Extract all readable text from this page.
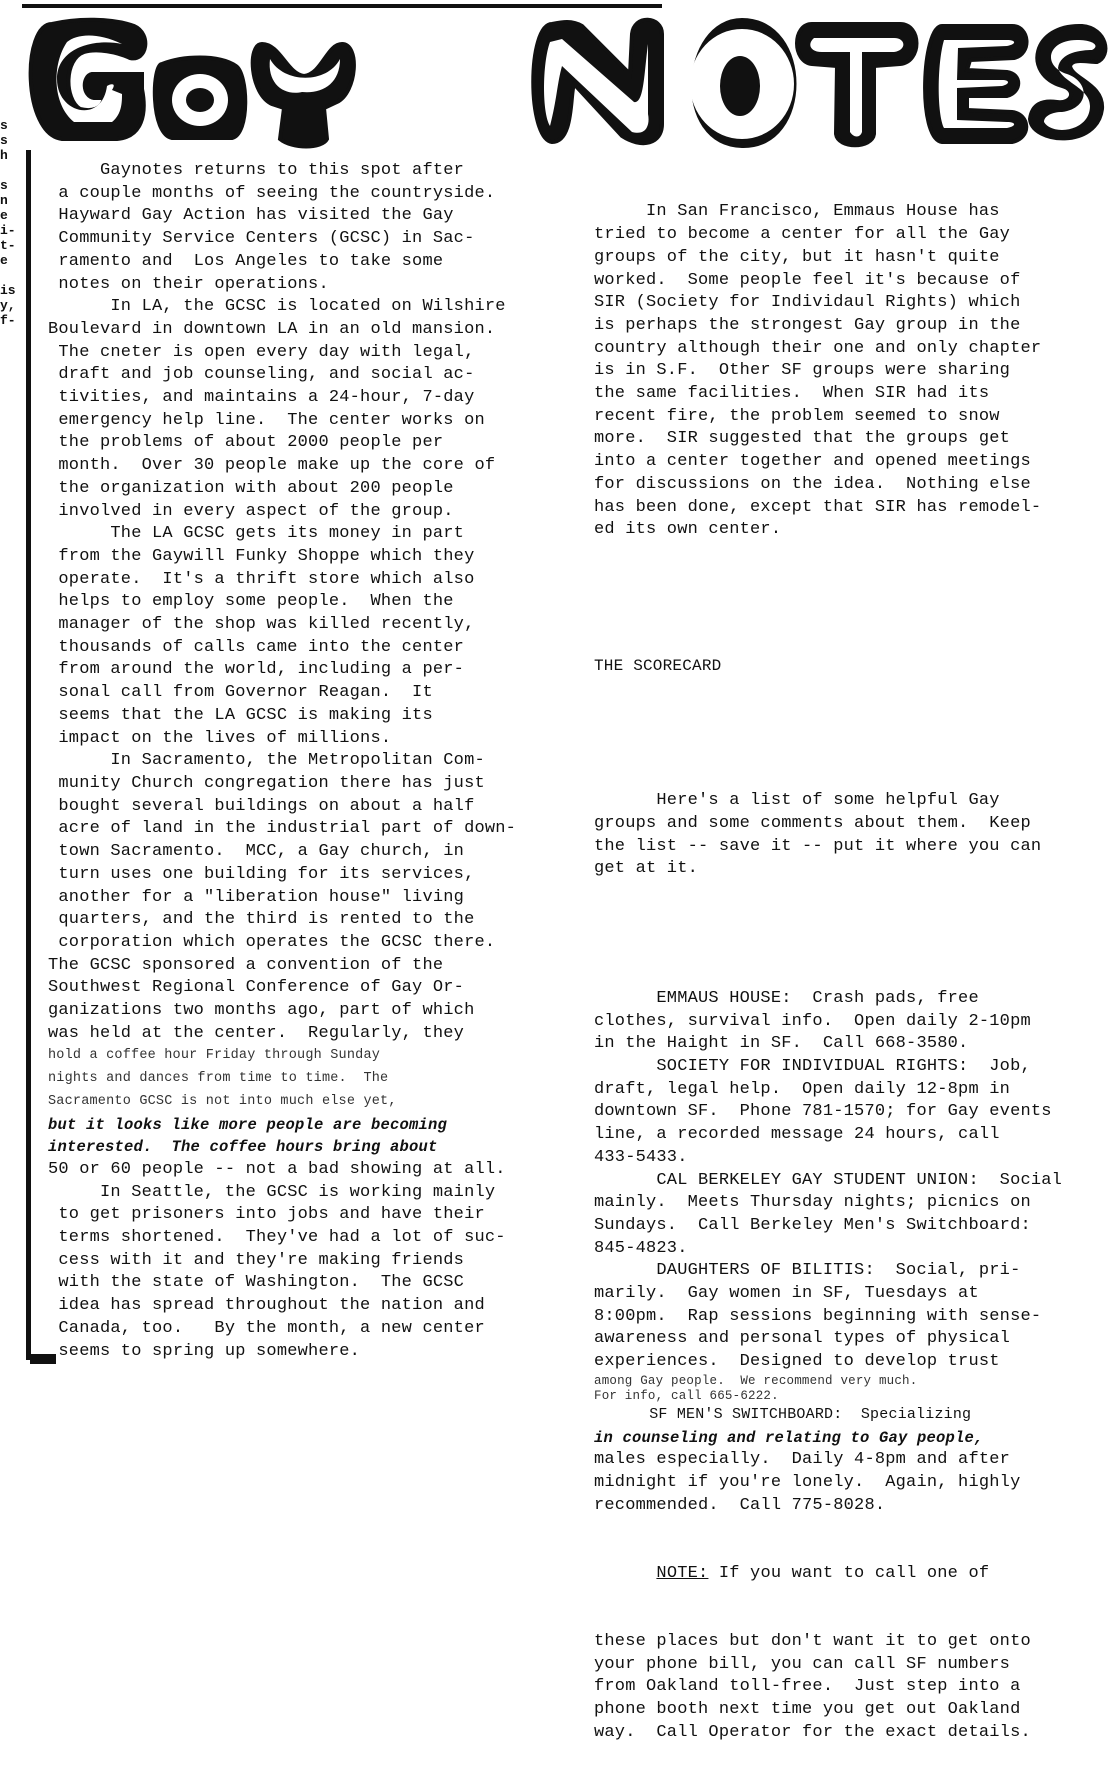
s
s
h
s
n
e
i-
t-
e
is
y,
f-

Gaynotes returns to this spot after

a couple months of seeing the countryside.

Hayward Gay Action has visited the Gay

Community Service Centers (GCSC) in Sac-

ramento and  Los Angeles to take some

notes on their operations.

In LA, the GCSC is located on Wilshire

Boulevard in downtown LA in an old mansion.

The cneter is open every day with legal,

draft and job counseling, and social ac-

tivities, and maintains a 24-hour, 7-day

emergency help line.  The center works on

the problems of about 2000 people per

month.  Over 30 people make up the core of

the organization with about 200 people

involved in every aspect of the group.

The LA GCSC gets its money in part

from the Gaywill Funky Shoppe which they

operate.  It's a thrift store which also

helps to employ some people.  When the

manager of the shop was killed recently,

thousands of calls came into the center

from around the world, including a per-

sonal call from Governor Reagan.  It

seems that the LA GCSC is making its

impact on the lives of millions.

In Sacramento, the Metropolitan Com-

munity Church congregation there has just

bought several buildings on about a half

acre of land in the industrial part of down-

town Sacramento.  MCC, a Gay church, in

turn uses one building for its services,

another for a "liberation house" living

quarters, and the third is rented to the

corporation which operates the GCSC there.

The GCSC sponsored a convention of the

Southwest Regional Conference of Gay Or-

ganizations two months ago, part of which

was held at the center.  Regularly, they

hold a coffee hour Friday through Sunday

nights and dances from time to time.  The

Sacramento GCSC is not into much else yet,

but it looks like more people are becoming

interested.  The coffee hours bring about

50 or 60 people -- not a bad showing at all.

In Seattle, the GCSC is working mainly

to get prisoners into jobs and have their

terms shortened.  They've had a lot of suc-

cess with it and they're making friends

with the state of Washington.  The GCSC

idea has spread throughout the nation and

Canada, too.   By the month, a new center

seems to spring up somewhere.

In San Francisco, Emmaus House has

tried to become a center for all the Gay

groups of the city, but it hasn't quite

worked.  Some people feel it's because of

SIR (Society for Individaul Rights) which

is perhaps the strongest Gay group in the

country although their one and only chapter

is in S.F.  Other SF groups were sharing

the same facilities.  When SIR had its

recent fire, the problem seemed to snow

more.  SIR suggested that the groups get

into a center together and opened meetings

for discussions on the idea.  Nothing else

has been done, except that SIR has remodel-

ed its own center.

THE SCORECARD

Here's a list of some helpful Gay

groups and some comments about them.  Keep

the list -- save it -- put it where you can

get at it.

EMMAUS HOUSE:  Crash pads, free

clothes, survival info.  Open daily 2-10pm

in the Haight in SF.  Call 668-3580.

SOCIETY FOR INDIVIDUAL RIGHTS:  Job,

draft, legal help.  Open daily 12-8pm in

downtown SF.  Phone 781-1570; for Gay events

line, a recorded message 24 hours, call

433-5433.

CAL BERKELEY GAY STUDENT UNION:  Social

mainly.  Meets Thursday nights; picnics on

Sundays.  Call Berkeley Men's Switchboard:

845-4823.

DAUGHTERS OF BILITIS:  Social, pri-

marily.  Gay women in SF, Tuesdays at

8:00pm.  Rap sessions beginning with sense-

awareness and personal types of physical

experiences.  Designed to develop trust

among Gay people.  We recommend very much.

For info, call 665-6222.

SF MEN'S SWITCHBOARD:  Specializing

in counseling and relating to Gay people,

males especially.  Daily 4-8pm and after

midnight if you're lonely.  Again, highly

recommended.  Call 775-8028.

NOTE: If you want to call one of

these places but don't want it to get onto

your phone bill, you can call SF numbers

from Oakland toll-free.  Just step into a

phone booth next time you get out Oakland

way.  Call Operator for the exact details.
